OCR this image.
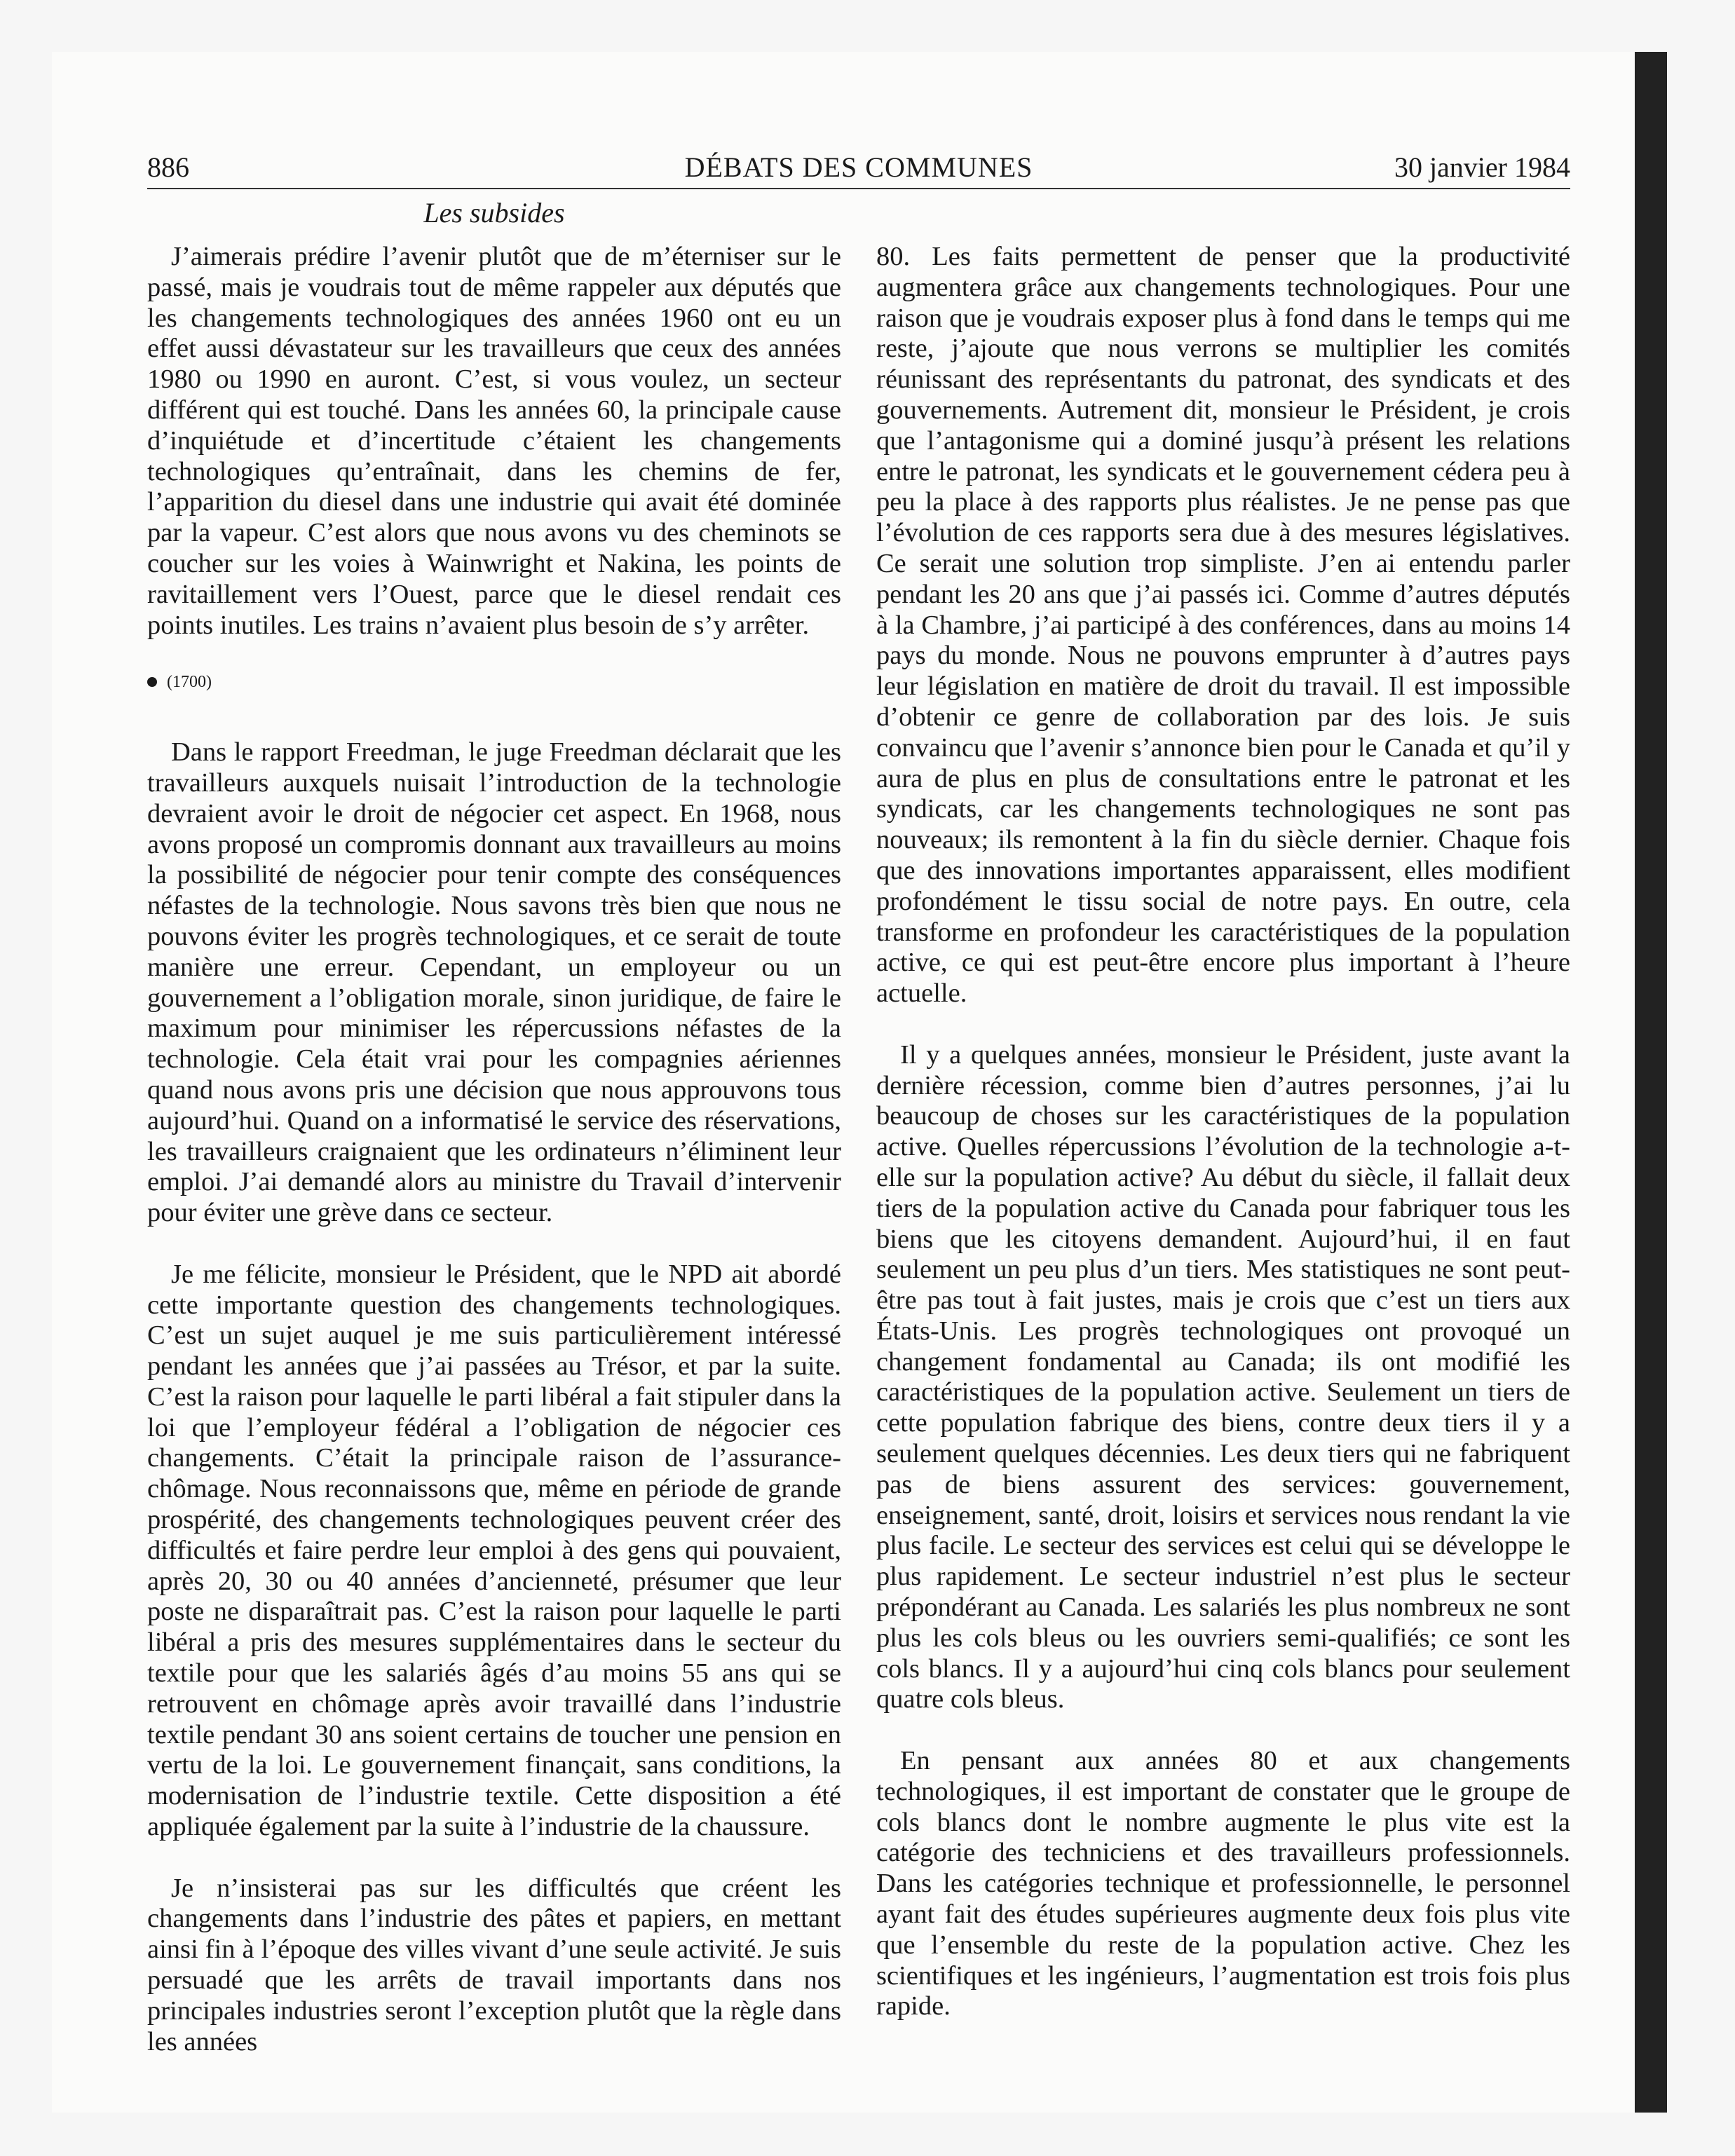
886	DÉBATS DES COMMUNES	30 janvier 1984
Les subsides

J’aimerais prédire l’avenir plutôt que de m’éterniser sur le passé, mais je voudrais tout de même rappeler aux députés que les changements technologiques des années 1960 ont eu un effet aussi dévastateur sur les travailleurs que ceux des années 1980 ou 1990 en auront. C’est, si vous voulez, un secteur différent qui est touché. Dans les années 60, la principale cause d’inquiétude et d’incertitude c’étaient les changements technologiques qu’entraînait, dans les chemins de fer, l’apparition du diesel dans une industrie qui avait été dominée par la vapeur. C’est alors que nous avons vu des cheminots se coucher sur les voies à Wainwright et Nakina, les points de ravitaillement vers l’Ouest, parce que le diesel rendait ces points inutiles. Les trains n’avaient plus besoin de s’y arrêter.

(1700)

Dans le rapport Freedman, le juge Freedman déclarait que les travailleurs auxquels nuisait l’introduction de la technologie devraient avoir le droit de négocier cet aspect. En 1968, nous avons proposé un compromis donnant aux travailleurs au moins la possibilité de négocier pour tenir compte des conséquences néfastes de la technologie. Nous savons très bien que nous ne pouvons éviter les progrès technologiques, et ce serait de toute manière une erreur. Cependant, un employeur ou un gouvernement a l’obligation morale, sinon juridique, de faire le maximum pour minimiser les répercussions néfastes de la technologie. Cela était vrai pour les compagnies aériennes quand nous avons pris une décision que nous approuvons tous aujourd’hui. Quand on a informatisé le service des réservations, les travailleurs craignaient que les ordinateurs n’éliminent leur emploi. J’ai demandé alors au ministre du Travail d’intervenir pour éviter une grève dans ce secteur.

Je me félicite, monsieur le Président, que le NPD ait abordé cette importante question des changements technologiques. C’est un sujet auquel je me suis particulièrement intéressé pendant les années que j’ai passées au Trésor, et par la suite. C’est la raison pour laquelle le parti libéral a fait stipuler dans la loi que l’employeur fédéral a l’obligation de négocier ces changements. C’était la principale raison de l’assurance-chômage. Nous reconnaissons que, même en période de grande prospérité, des changements technologiques peuvent créer des difficultés et faire perdre leur emploi à des gens qui pouvaient, après 20, 30 ou 40 années d’ancienneté, présumer que leur poste ne disparaîtrait pas. C’est la raison pour laquelle le parti libéral a pris des mesures supplémentaires dans le secteur du textile pour que les salariés âgés d’au moins 55 ans qui se retrouvent en chômage après avoir travaillé dans l’industrie textile pendant 30 ans soient certains de toucher une pension en vertu de la loi. Le gouvernement finançait, sans conditions, la modernisation de l’industrie textile. Cette disposition a été appliquée également par la suite à l’industrie de la chaussure.

Je n’insisterai pas sur les difficultés que créent les changements dans l’industrie des pâtes et papiers, en mettant ainsi fin à l’époque des villes vivant d’une seule activité. Je suis persuadé que les arrêts de travail importants dans nos principales industries seront l’exception plutôt que la règle dans les années

80. Les faits permettent de penser que la productivité augmentera grâce aux changements technologiques. Pour une raison que je voudrais exposer plus à fond dans le temps qui me reste, j’ajoute que nous verrons se multiplier les comités réunissant des représentants du patronat, des syndicats et des gouvernements. Autrement dit, monsieur le Président, je crois que l’antagonisme qui a dominé jusqu’à présent les relations entre le patronat, les syndicats et le gouvernement cédera peu à peu la place à des rapports plus réalistes. Je ne pense pas que l’évolution de ces rapports sera due à des mesures législatives. Ce serait une solution trop simpliste. J’en ai entendu parler pendant les 20 ans que j’ai passés ici. Comme d’autres députés à la Chambre, j’ai participé à des conférences, dans au moins 14 pays du monde. Nous ne pouvons emprunter à d’autres pays leur législation en matière de droit du travail. Il est impossible d’obtenir ce genre de collaboration par des lois. Je suis convaincu que l’avenir s’annonce bien pour le Canada et qu’il y aura de plus en plus de consultations entre le patronat et les syndicats, car les changements technologiques ne sont pas nouveaux; ils remontent à la fin du siècle dernier. Chaque fois que des innovations importantes apparaissent, elles modifient profondément le tissu social de notre pays. En outre, cela transforme en profondeur les caractéristiques de la population active, ce qui est peut-être encore plus important à l’heure actuelle.

Il y a quelques années, monsieur le Président, juste avant la dernière récession, comme bien d’autres personnes, j’ai lu beaucoup de choses sur les caractéristiques de la population active. Quelles répercussions l’évolution de la technologie a-t-elle sur la population active? Au début du siècle, il fallait deux tiers de la population active du Canada pour fabriquer tous les biens que les citoyens demandent. Aujourd’hui, il en faut seulement un peu plus d’un tiers. Mes statistiques ne sont peut-être pas tout à fait justes, mais je crois que c’est un tiers aux États-Unis. Les progrès technologiques ont provoqué un changement fondamental au Canada; ils ont modifié les caractéristiques de la population active. Seulement un tiers de cette population fabrique des biens, contre deux tiers il y a seulement quelques décennies. Les deux tiers qui ne fabriquent pas de biens assurent des services: gouvernement, enseignement, santé, droit, loisirs et services nous rendant la vie plus facile. Le secteur des services est celui qui se développe le plus rapidement. Le secteur industriel n’est plus le secteur prépondérant au Canada. Les salariés les plus nombreux ne sont plus les cols bleus ou les ouvriers semi-qualifiés; ce sont les cols blancs. Il y a aujourd’hui cinq cols blancs pour seulement quatre cols bleus.

En pensant aux années 80 et aux changements technologiques, il est important de constater que le groupe de cols blancs dont le nombre augmente le plus vite est la catégorie des techniciens et des travailleurs professionnels. Dans les catégories technique et professionnelle, le personnel ayant fait des études supérieures augmente deux fois plus vite que l’ensemble du reste de la population active. Chez les scientifiques et les ingénieurs, l’augmentation est trois fois plus rapide.
